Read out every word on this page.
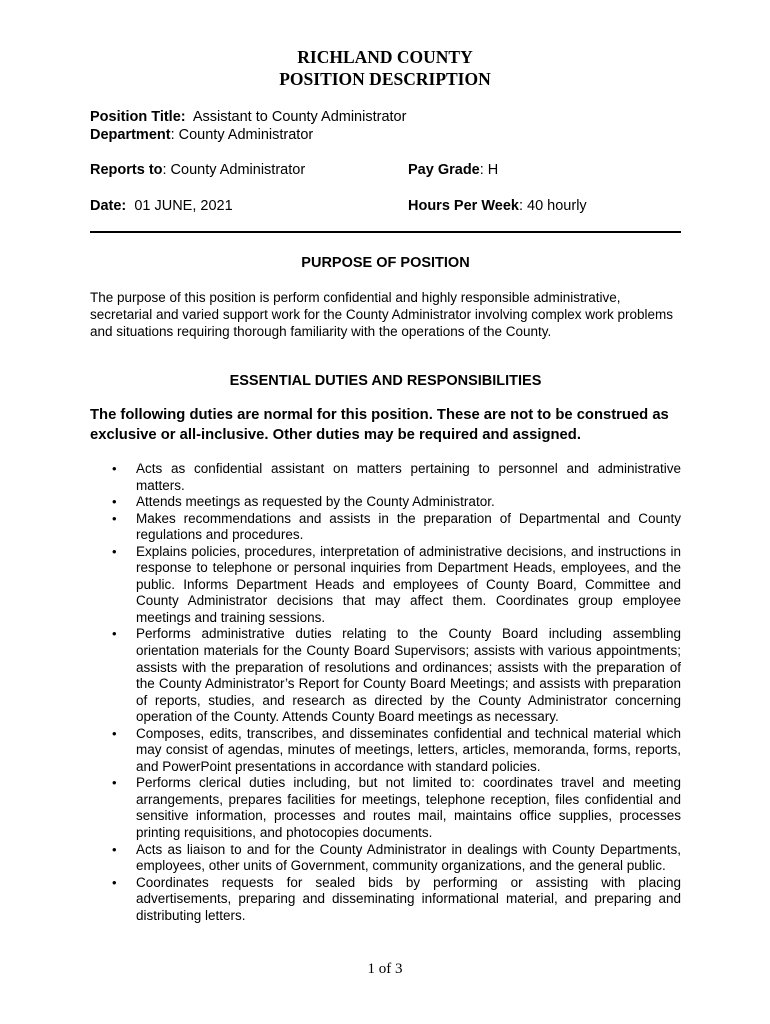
RICHLAND COUNTY
POSITION DESCRIPTION
Position Title: Assistant to County Administrator
Department: County Administrator
Reports to: County Administrator	Pay Grade: H
Date: 01 JUNE, 2021	Hours Per Week: 40 hourly
PURPOSE OF POSITION
The purpose of this position is perform confidential and highly responsible administrative, secretarial and varied support work for the County Administrator involving complex work problems and situations requiring thorough familiarity with the operations of the County.
ESSENTIAL DUTIES AND RESPONSIBILITIES
The following duties are normal for this position. These are not to be construed as exclusive or all-inclusive. Other duties may be required and assigned.
• Acts as confidential assistant on matters pertaining to personnel and administrative matters.
• Attends meetings as requested by the County Administrator.
• Makes recommendations and assists in the preparation of Departmental and County regulations and procedures.
• Explains policies, procedures, interpretation of administrative decisions, and instructions in response to telephone or personal inquiries from Department Heads, employees, and the public. Informs Department Heads and employees of County Board, Committee and County Administrator decisions that may affect them. Coordinates group employee meetings and training sessions.
• Performs administrative duties relating to the County Board including assembling orientation materials for the County Board Supervisors; assists with various appointments; assists with the preparation of resolutions and ordinances; assists with the preparation of the County Administrator’s Report for County Board Meetings; and assists with preparation of reports, studies, and research as directed by the County Administrator concerning operation of the County. Attends County Board meetings as necessary.
• Composes, edits, transcribes, and disseminates confidential and technical material which may consist of agendas, minutes of meetings, letters, articles, memoranda, forms, reports, and PowerPoint presentations in accordance with standard policies.
• Performs clerical duties including, but not limited to: coordinates travel and meeting arrangements, prepares facilities for meetings, telephone reception, files confidential and sensitive information, processes and routes mail, maintains office supplies, processes printing requisitions, and photocopies documents.
• Acts as liaison to and for the County Administrator in dealings with County Departments, employees, other units of Government, community organizations, and the general public.
• Coordinates requests for sealed bids by performing or assisting with placing advertisements, preparing and disseminating informational material, and preparing and distributing letters.
1 of 3
